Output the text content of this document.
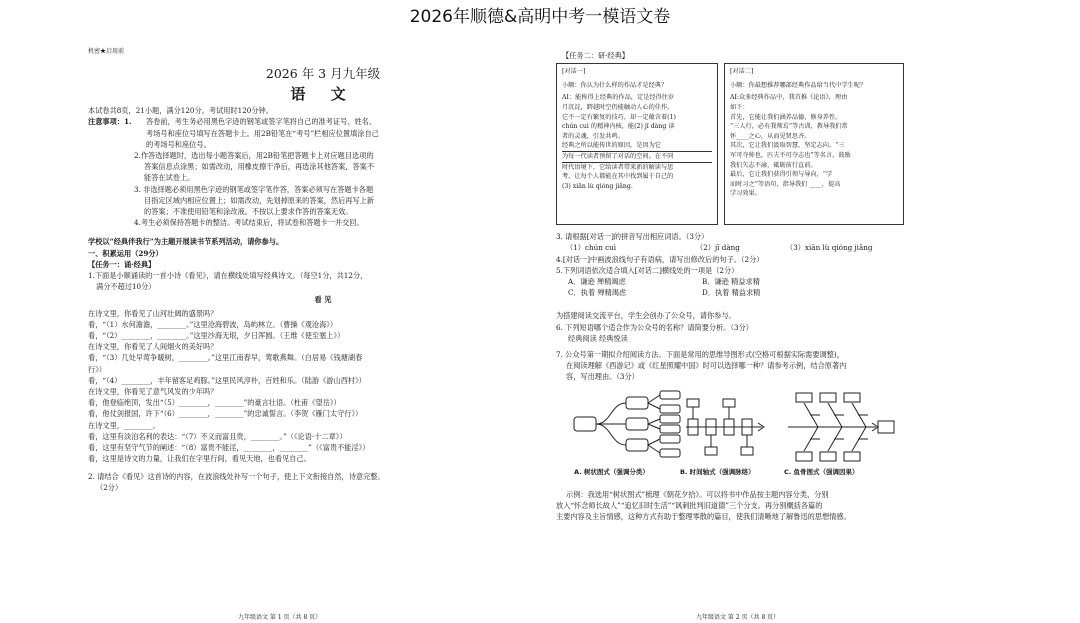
2026年顺德&高明中考一模语文卷
机密★启用前
2026 年 3 月九年级
语 文
本试卷共8页，21小题，满分120分。考试用时120分钟。
注意事项：1.	答卷前，考生务必用黑色字迹的钢笔或签字笔将自己的准考证号、姓名、
考场号和座位号填写在答题卡上。用2B铅笔在“考号”栏相应位置填涂自己
的考场号和座位号。
2.作答选择题时，选出每小题答案后，用2B铅笔把答题卡上对应题目选项的
答案信息点涂黑；如需改动，用橡皮擦干净后，再选涂其他答案，答案不
能答在试卷上。
3. 非选择题必须用黑色字迹的钢笔或签字笔作答，答案必须写在答题卡各题
目指定区域内相应位置上；如需改动，先划掉原来的答案，然后再写上新
的答案；不准使用铅笔和涂改液。不按以上要求作答的答案无效。
4.考生必须保持答题卡的整洁。考试结束后，将试卷和答题卡一并交回。
学校以“经典伴我行”为主题开展读书节系列活动，请你参与。
一、积累运用（29分）
【任务一：诵·经典】
1.下面是小顺诵读的一首小诗《看见》，请在横线处填写经典诗文。（每空1分，共12分，
满分不超过10分）
看 见
在诗文里，你看见了山河壮阔的盛景吗？
看，“（1）水何澹澹，________。”这里沧海碧波，岛屿林立。（曹操《观沧海》）
看，“（2）________，________。”这里沙海无垠，夕日浑圆。（王维《使至塞上》）
在诗文里，你看见了人间烟火的美好吗？
看，“（3）几处早莺争暖树，________。”这里江南春早，莺歌燕舞。（白居易《钱塘湖春
行》）
看，“（4）________，丰年留客足鸡豚。”这里民风淳朴，百姓和乐。（陆游《游山西村》）
在诗文里，你看见了意气风发的少年吗？
看，他登临绝顶，发出“（5）________，________”的豪言壮语。（杜甫《望岳》）
看，他仗剑报国，许下“（6）________，________”的忠诚誓言。（李贺《雁门太守行》）
在诗文里，________。
看，这里有淡泊名利的表达：“（7）不义而富且贵，________。”（《论语·十二章》）
看，这里有坚守气节的阐述：“（8）富贵不能淫，________，________”（《富贵不能淫》）
看，这里是诗文的力量，让我们在字里行间，看见天地，也看见自己。
2. 请结合《看见》这首诗的内容，在波浪线处补写一个句子，使上下文衔接自然，诗意完整。
（2分）
九年级语文 第 1 页（共 8 页）
【任务二：研·经典】
[对话一]
小顺：你认为什么样的作品才是经典？
AI：能称得上经典的作品，定是经得住岁
月沉淀，跨越时空仍能触动人心的佳作。
它不一定有繁复的技巧，却一定蕴含着(1)
chún cuì 的精神内核，能(2) jī dàng 读
者的灵魂，引发共鸣。
经典之所以能传世的原因，是因为它
为每一代读者预留了对话的空间。在不同
时代语境下，它给读者带来新的解读与思
考，让每个人都能在其中找到属于自己的
(3) xiān lù qióng jiǎng.
[对话二]
小顺：你最想推荐哪部经典作品给当代中学生呢？
AI:众多经典作品中，我首推《论语》，理由
如下：
首先，它能让我们涵养品德，修身养性。
“三人行，必有我师焉”等古训，教导我们常
怀____之心，从而见贤思齐。
其次，它让我们汲取智慧，坚定志向。“三
军可夺帅也，匹夫不可夺志也”等名言，鼓励
我们矢志不渝，砥砺前行直前。
最后，它让我们获得引领与导向，“学
而时习之”等语句，指导我们 ____，提高
学习效果。
3. 请根据[对话一]的拼音写出相应词语。（3分）
（1）chún cuì	（2）jī dàng	（3）xiān lù qióng jiǎng
4.[对话一]中画波浪线句子有语病，请写出修改后的句子。（2分）
5.下列词语依次适合填入[对话二]横线处的一项是（2分）
A．谦逊 殚精竭虑	B．谦逊 精益求精
C．执着 殚精竭虑	D．执着 精益求精
为搭建阅读交流平台，学生会创办了公众号，请你参与。
6. 下列短语哪个适合作为公众号的名称？请简要分析。（3分）
经典阅读 经典悦读
7. 公众号第一期拟介绍阅读方法。下面是常用的思维导图形式(空格可根据实际需要调整)，
在阅读理解《西游记》或《红星照耀中国》时可以选择哪一种？请参考示例，结合原著内
容，写出理由。（3分）
A. 树状图式（强调分类）	B. 时间轴式（强调脉络）	C. 鱼骨图式（强调因果）
示例：我选用“树状图式”梳理《朝花夕拾》。可以将书中作品按主题内容分类，分别
放入“怀念师长故人”“追忆旧时生活”“讽刺批判旧道德”三个分支。再分别概括各篇的
主要内容及主旨情感，这种方式有助于整理零散的篇目，使我们清晰地了解鲁迅的思想情感。
九年级语文 第 2 页（共 8 页）
